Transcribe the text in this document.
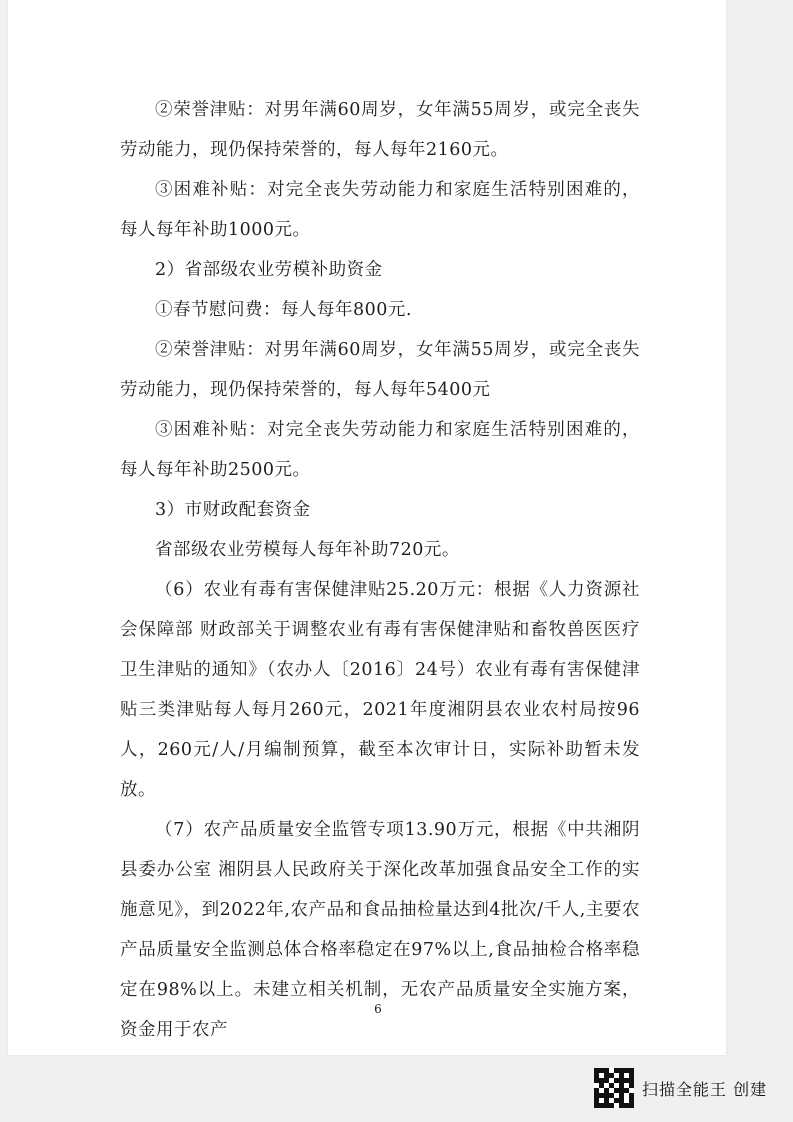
②荣誉津贴：对男年满60周岁，女年满55周岁，或完全丧失劳动能力，现仍保持荣誉的，每人每年2160元。

③困难补贴：对完全丧失劳动能力和家庭生活特别困难的，每人每年补助1000元。

2）省部级农业劳模补助资金

①春节慰问费：每人每年800元.

②荣誉津贴：对男年满60周岁，女年满55周岁，或完全丧失劳动能力，现仍保持荣誉的，每人每年5400元

③困难补贴：对完全丧失劳动能力和家庭生活特别困难的，每人每年补助2500元。

3）市财政配套资金

省部级农业劳模每人每年补助720元。

（6）农业有毒有害保健津贴25.20万元：根据《人力资源社会保障部 财政部关于调整农业有毒有害保健津贴和畜牧兽医医疗卫生津贴的通知》（农办人〔2016〕24号）农业有毒有害保健津贴三类津贴每人每月260元，2021年度湘阴县农业农村局按96人，260元/人/月编制预算，截至本次审计日，实际补助暂未发放。

（7）农产品质量安全监管专项13.90万元，根据《中共湘阴县委办公室 湘阴县人民政府关于深化改革加强食品安全工作的实施意见》，到2022年,农产品和食品抽检量达到4批次/千人,主要农产品质量安全监测总体合格率稳定在97%以上,食品抽检合格率稳定在98%以上。未建立相关机制，无农产品质量安全实施方案，资金用于农产

6
扫描全能王 创建
